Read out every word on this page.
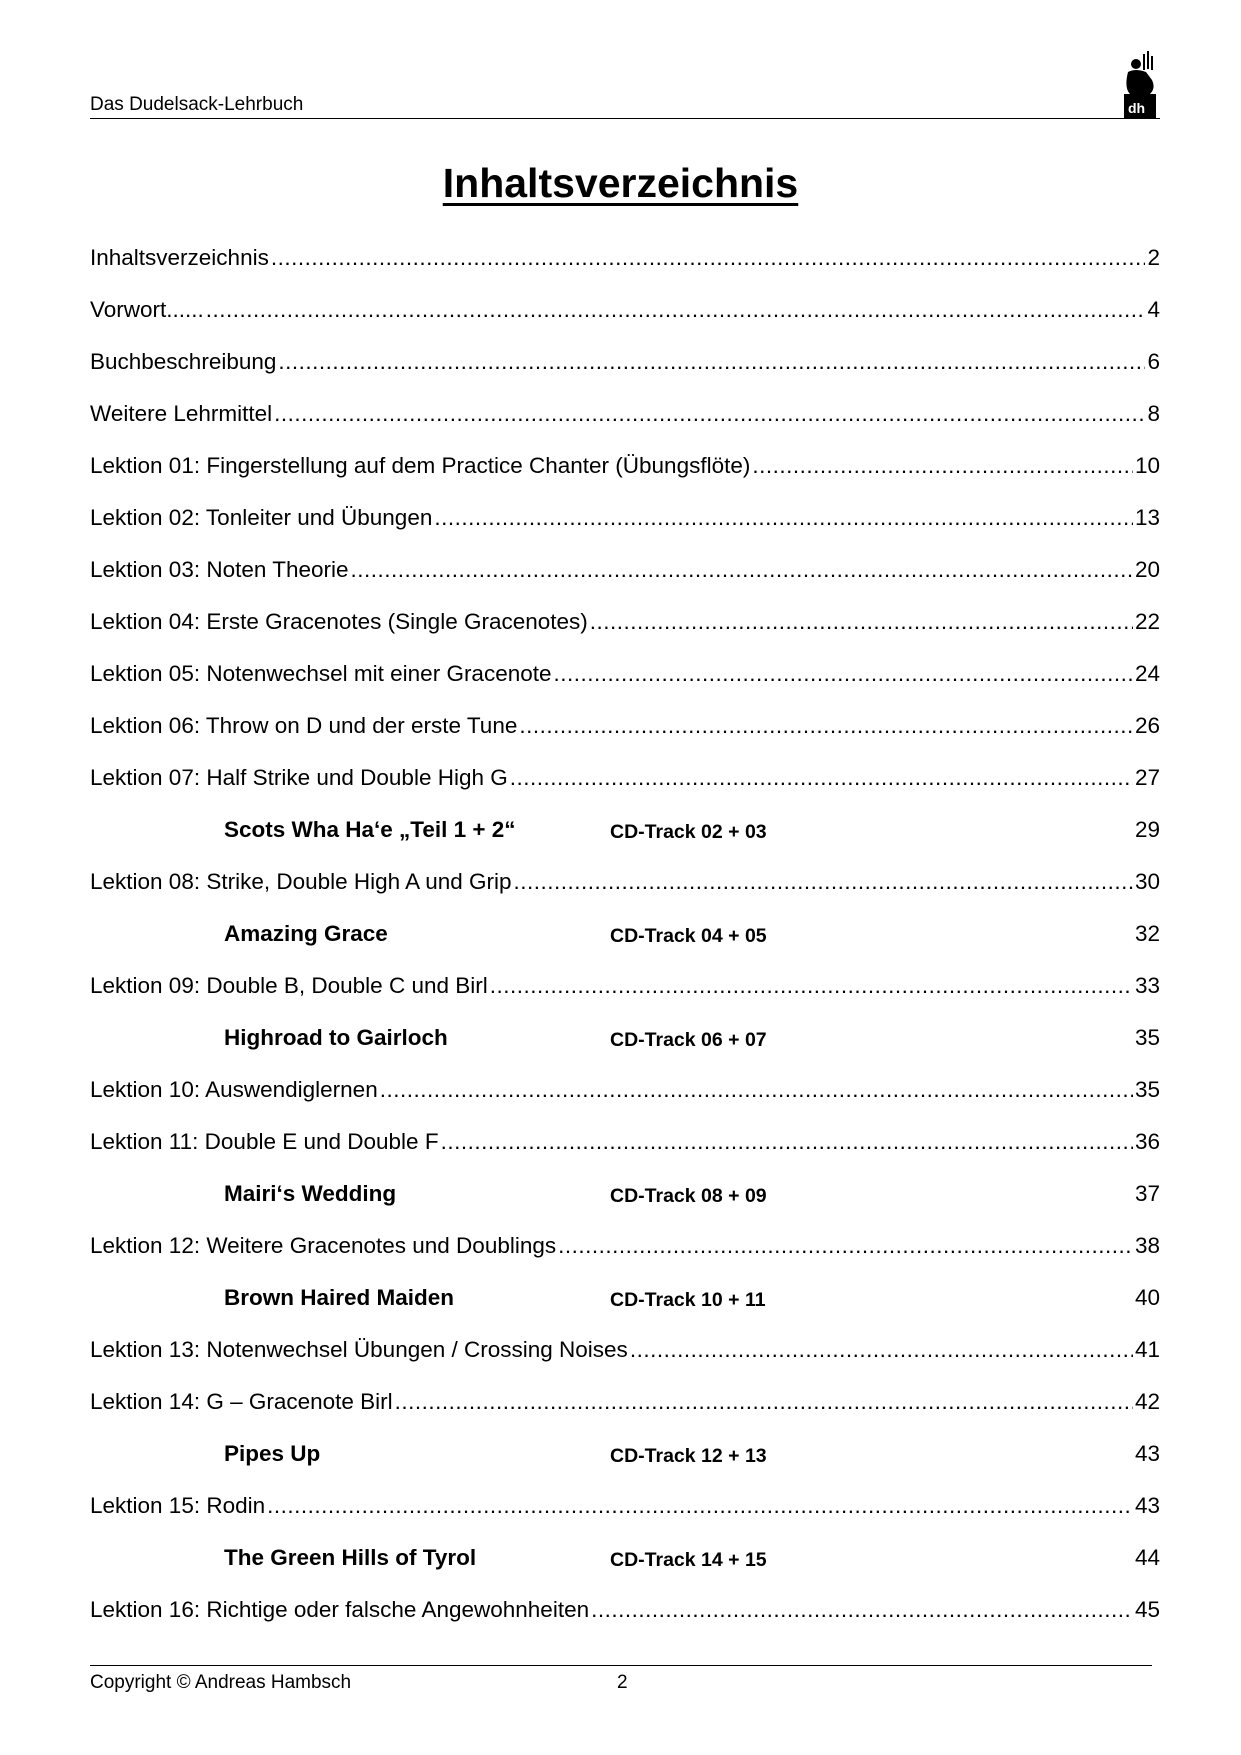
Das Dudelsack-Lehrbuch	dh
Inhaltsverzeichnis
Inhaltsverzeichnis .....	2
Vorwort...... .....	4
Buchbeschreibung .....	6
Weitere Lehrmittel .....	8
Lektion 01: Fingerstellung auf dem Practice Chanter (Übungsflöte) .....	10
Lektion 02: Tonleiter und Übungen .....	13
Lektion 03: Noten Theorie .....	20
Lektion 04: Erste Gracenotes (Single Gracenotes) .....	22
Lektion 05: Notenwechsel mit einer Gracenote .....	24
Lektion 06: Throw on D und der erste Tune .....	26
Lektion 07: Half Strike und Double High G .....	27
Scots Wha Ha‘e „Teil 1 + 2“	CD-Track 02 + 03	29
Lektion 08: Strike, Double High A und Grip .....	30
Amazing Grace	CD-Track 04 + 05	32
Lektion 09: Double B, Double C und Birl .....	33
Highroad to Gairloch	CD-Track 06 + 07	35
Lektion 10: Auswendiglernen .....	35
Lektion 11: Double E und Double F .....	36
Mairi‘s Wedding	CD-Track 08 + 09	37
Lektion 12: Weitere Gracenotes und Doublings .....	38
Brown Haired Maiden	CD-Track 10 + 11	40
Lektion 13: Notenwechsel Übungen / Crossing Noises .....	41
Lektion 14: G – Gracenote Birl .....	42
Pipes Up	CD-Track 12 + 13	43
Lektion 15: Rodin .....	43
The Green Hills of Tyrol	CD-Track 14 + 15	44
Lektion 16: Richtige oder falsche Angewohnheiten .....	45
Copyright © Andreas Hambsch	2
